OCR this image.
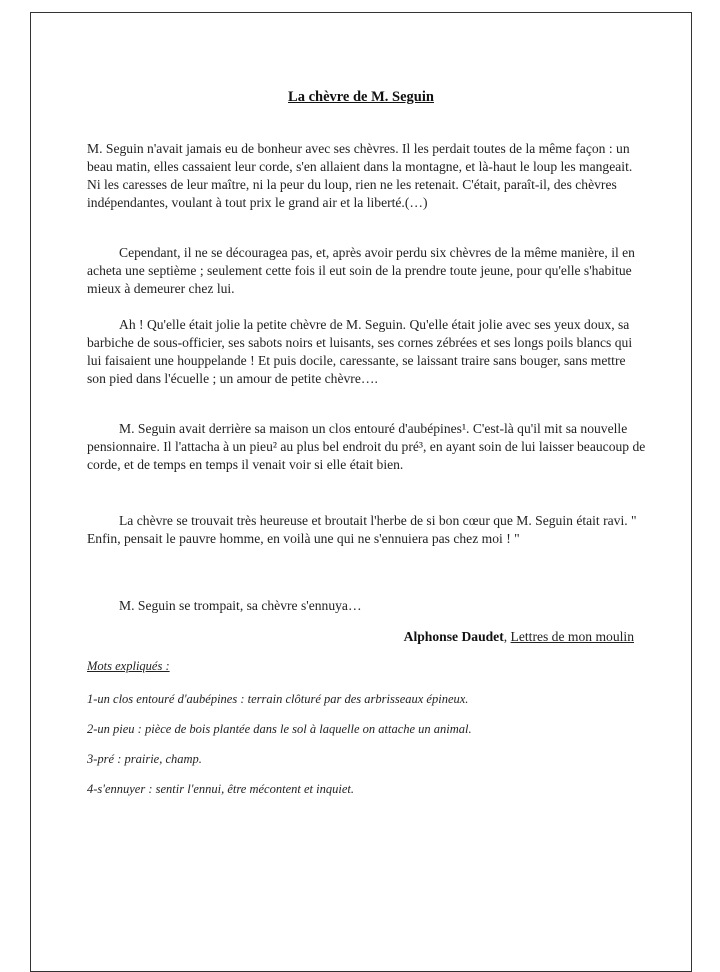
La chèvre de M. Seguin

M. Seguin n'avait jamais eu de bonheur avec ses chèvres. Il les perdait toutes de la même façon : un beau matin, elles cassaient leur corde, s'en allaient dans la montagne, et là-haut le loup les mangeait. Ni les caresses de leur maître, ni la peur du loup, rien ne les retenait. C'était, paraît-il, des chèvres indépendantes, voulant à tout prix le grand air et la liberté.(…)

Cependant, il ne se découragea pas, et, après avoir perdu six chèvres de la même manière, il en acheta une septième ; seulement cette fois il eut soin de la prendre toute jeune, pour qu'elle s'habitue mieux à demeurer chez lui.

Ah ! Qu'elle était jolie la petite chèvre de M. Seguin. Qu'elle était jolie avec ses yeux doux, sa barbiche de sous-officier, ses sabots noirs et luisants, ses cornes zébrées et ses longs poils blancs qui lui faisaient une houppelande ! Et puis docile, caressante, se laissant traire sans bouger, sans mettre son pied dans l'écuelle ; un amour de petite chèvre….

M. Seguin avait derrière sa maison un clos entouré d'aubépines¹. C'est-là qu'il mit sa nouvelle pensionnaire. Il l'attacha à un pieu² au plus bel endroit du pré³, en ayant soin de lui laisser beaucoup de corde, et de temps en temps il venait voir si elle était bien.

La chèvre se trouvait très heureuse et broutait l'herbe de si bon cœur que M. Seguin était ravi. " Enfin, pensait le pauvre homme, en voilà une qui ne s'ennuiera pas chez moi ! "

M. Seguin se trompait, sa chèvre s'ennuya…

Alphonse Daudet, Lettres de mon moulin
Mots expliqués :
1-un clos entouré d'aubépines : terrain clôturé par des arbrisseaux épineux.
2-un pieu : pièce de bois plantée dans le sol à laquelle on attache un animal.
3-pré : prairie, champ.
4-s'ennuyer : sentir l'ennui, être mécontent et inquiet.
